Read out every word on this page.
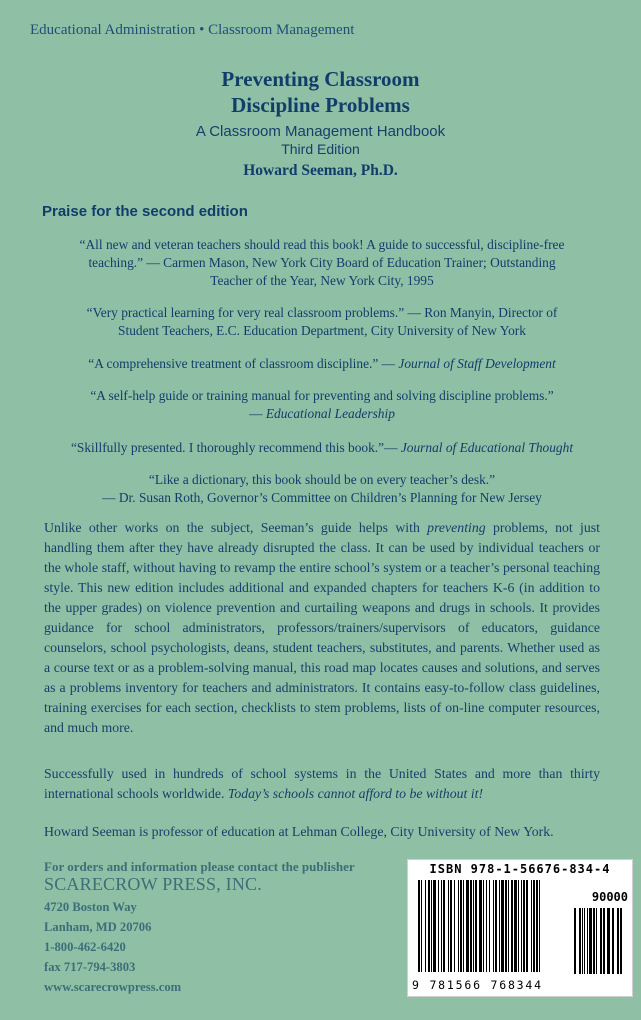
Educational Administration • Classroom Management
Preventing Classroom
Discipline Problems
A Classroom Management Handbook
Third Edition
Howard Seeman, Ph.D.
Praise for the second edition
“All new and veteran teachers should read this book! A guide to successful, discipline-free
teaching.” — Carmen Mason, New York City Board of Education Trainer; Outstanding
Teacher of the Year, New York City, 1995
“Very practical learning for very real classroom problems.” — Ron Manyin, Director of
Student Teachers, E.C. Education Department, City University of New York
“A comprehensive treatment of classroom discipline.” — Journal of Staff Development
“A self-help guide or training manual for preventing and solving discipline problems.”
— Educational Leadership
“Skillfully presented. I thoroughly recommend this book.”— Journal of Educational Thought
“Like a dictionary, this book should be on every teacher’s desk.”
— Dr. Susan Roth, Governor’s Committee on Children’s Planning for New Jersey
Unlike other works on the subject, Seeman’s guide helps with preventing problems, not just handling them after they have already disrupted the class. It can be used by individual teachers or the whole staff, without having to revamp the entire school’s system or a teacher’s personal teaching style. This new edition includes additional and expanded chapters for teachers K-6 (in addition to the upper grades) on violence prevention and curtailing weapons and drugs in schools. It provides guidance for school administrators, professors/trainers/supervisors of educators, guidance counselors, school psychologists, deans, student teachers, substitutes, and parents. Whether used as a course text or as a problem-solving manual, this road map locates causes and solutions, and serves as a problems inventory for teachers and administrators. It contains easy-to-follow class guidelines, training exercises for each section, checklists to stem problems, lists of on-line computer resources, and much more.
Successfully used in hundreds of school systems in the United States and more than thirty international schools worldwide. Today’s schools cannot afford to be without it!
Howard Seeman is professor of education at Lehman College, City University of New York.
For orders and information please contact the publisher
SCARECROW PRESS, INC.
4720 Boston Way
Lanham, MD 20706
1-800-462-6420
fax 717-794-3803
www.scarecrowpress.com
ISBN 978-1-56676-834-4
90000
9 781566 768344
